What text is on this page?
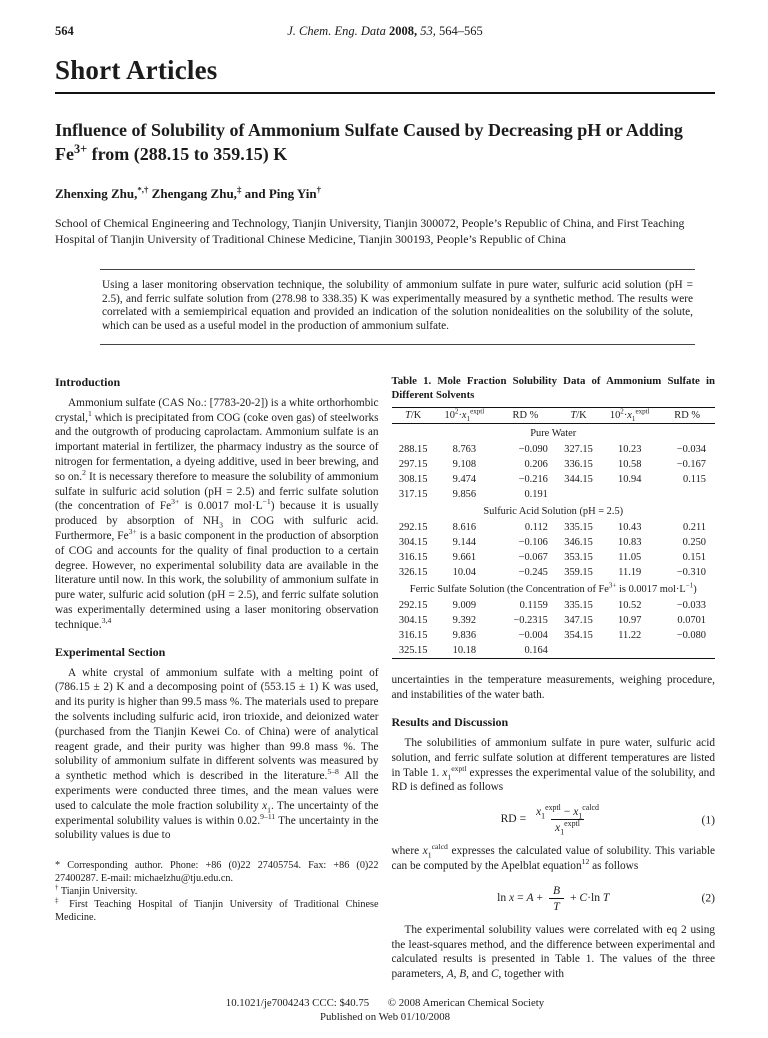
564	J. Chem. Eng. Data 2008, 53, 564–565
Short Articles
Influence of Solubility of Ammonium Sulfate Caused by Decreasing pH or Adding $Fe^{3+}$ from (288.15 to 359.15) K
Zhenxing Zhu,*,† Zhengang Zhu,‡ and Ping Yin†
School of Chemical Engineering and Technology, Tianjin University, Tianjin 300072, People’s Republic of China, and First Teaching Hospital of Tianjin University of Traditional Chinese Medicine, Tianjin 300193, People’s Republic of China

Using a laser monitoring observation technique, the solubility of ammonium sulfate in pure water, sulfuric acid solution (pH = 2.5), and ferric sulfate solution from (278.98 to 338.35) K was experimentally measured by a synthetic method. The results were correlated with a semiempirical equation and provided an indication of the solution nonidealities on the solubility of the solute, which can be used as a useful model in the production of ammonium sulfate.

Introduction

Ammonium sulfate (CAS No.: [7783-20-2]) is a white orthorhombic crystal,$^1$ which is precipitated from COG (coke oven gas) of steelworks and the outgrowth of producing caprolactam. Ammonium sulfate is an important material in fertilizer, the pharmacy industry as the source of nitrogen for fermentation, a dyeing additive, used in beer brewing, and so on.$^2$ It is necessary therefore to measure the solubility of ammonium sulfate in sulfuric acid solution (pH = 2.5) and ferric sulfate solution (the concentration of $Fe^{3+}$ is 0.0017 $mol\cdot L^{-1}$) because it is usually produced by absorption of $NH_3$ in COG with sulfuric acid. Furthermore, $Fe^{3+}$ is a basic component in the production of absorption of COG and accounts for the quality of final production to a certain degree. However, no experimental solubility data are available in the literature until now. In this work, the solubility of ammonium sulfate in pure water, sulfuric acid solution (pH = 2.5), and ferric sulfate solution was experimentally determined using a laser monitoring observation technique.$^{3,4}$

Experimental Section

A white crystal of ammonium sulfate with a melting point of (786.15 ± 2) K and a decomposing point of (553.15 ± 1) K was used, and its purity is higher than 99.5 mass %. The materials used to prepare the solvents including sulfuric acid, iron trioxide, and deionized water (purchased from the Tianjin Kewei Co. of China) were of analytical reagent grade, and their purity was higher than 99.8 mass %. The solubility of ammonium sulfate in different solvents was measured by a synthetic method which is described in the literature.$^{5-8}$ All the experiments were conducted three times, and the mean values were used to calculate the mole fraction solubility $x_1$. The uncertainty of the experimental solubility values is within 0.02.$^{9-11}$ The uncertainty in the solubility values is due to

* Corresponding author. Phone: +86 (0)22 27405754. Fax: +86 (0)22 27400287. E-mail: michaelzhu@tju.edu.cn.

† Tianjin University.

‡ First Teaching Hospital of Tianjin University of Traditional Chinese Medicine.

Table 1. Mole Fraction Solubility Data of Ammonium Sulfate in Different Solvents
T/K	$10^2\cdot x_1^{exptl}$	RD %	T/K	$10^2\cdot x_1^{exptl}$	RD %
Pure Water					
288.15	8.763	−0.090	327.15	10.23	−0.034
297.15	9.108	0.206	336.15	10.58	−0.167
308.15	9.474	−0.216	344.15	10.94	0.115
317.15	9.856	0.191			
Sulfuric Acid Solution (pH = 2.5)					
292.15	8.616	0.112	335.15	10.43	0.211
304.15	9.144	−0.106	346.15	10.83	0.250
316.15	9.661	−0.067	353.15	11.05	0.151
326.15	10.04	−0.245	359.15	11.19	−0.310
Ferric Sulfate Solution (the Concentration of $Fe^{3+}$ is 0.0017 $mol\cdot L^{-1}$)					
292.15	9.009	0.1159	335.15	10.52	−0.033
304.15	9.392	−0.2315	347.15	10.97	0.0701
316.15	9.836	−0.004	354.15	11.22	−0.080
325.15	10.18	0.164			

uncertainties in the temperature measurements, weighing procedure, and instabilities of the water bath.

Results and Discussion

The solubilities of ammonium sulfate in pure water, sulfuric acid solution, and ferric sulfate solution at different temperatures are listed in Table 1. $x_1^{exptl}$ expresses the experimental value of the solubility, and RD is defined as follows

RD = $\frac{x_1^{exptl} - x_1^{calcd}}{x_1^{exptl}}$	(1)

where $x_1^{calcd}$ expresses the calculated value of solubility. This variable can be computed by the Apelblat equation$^{12}$ as follows

$\ln x = A + \frac{B}{T} + C\cdot\ln$ T	(2)

The experimental solubility values were correlated with eq 2 using the least-squares method, and the difference between experimental and calculated results is presented in Table 1. The values of the three parameters, A, B, and C, together with

10.1021/je7004243 CCC: $40.75 © 2008 American Chemical Society
Published on Web 01/10/2008
